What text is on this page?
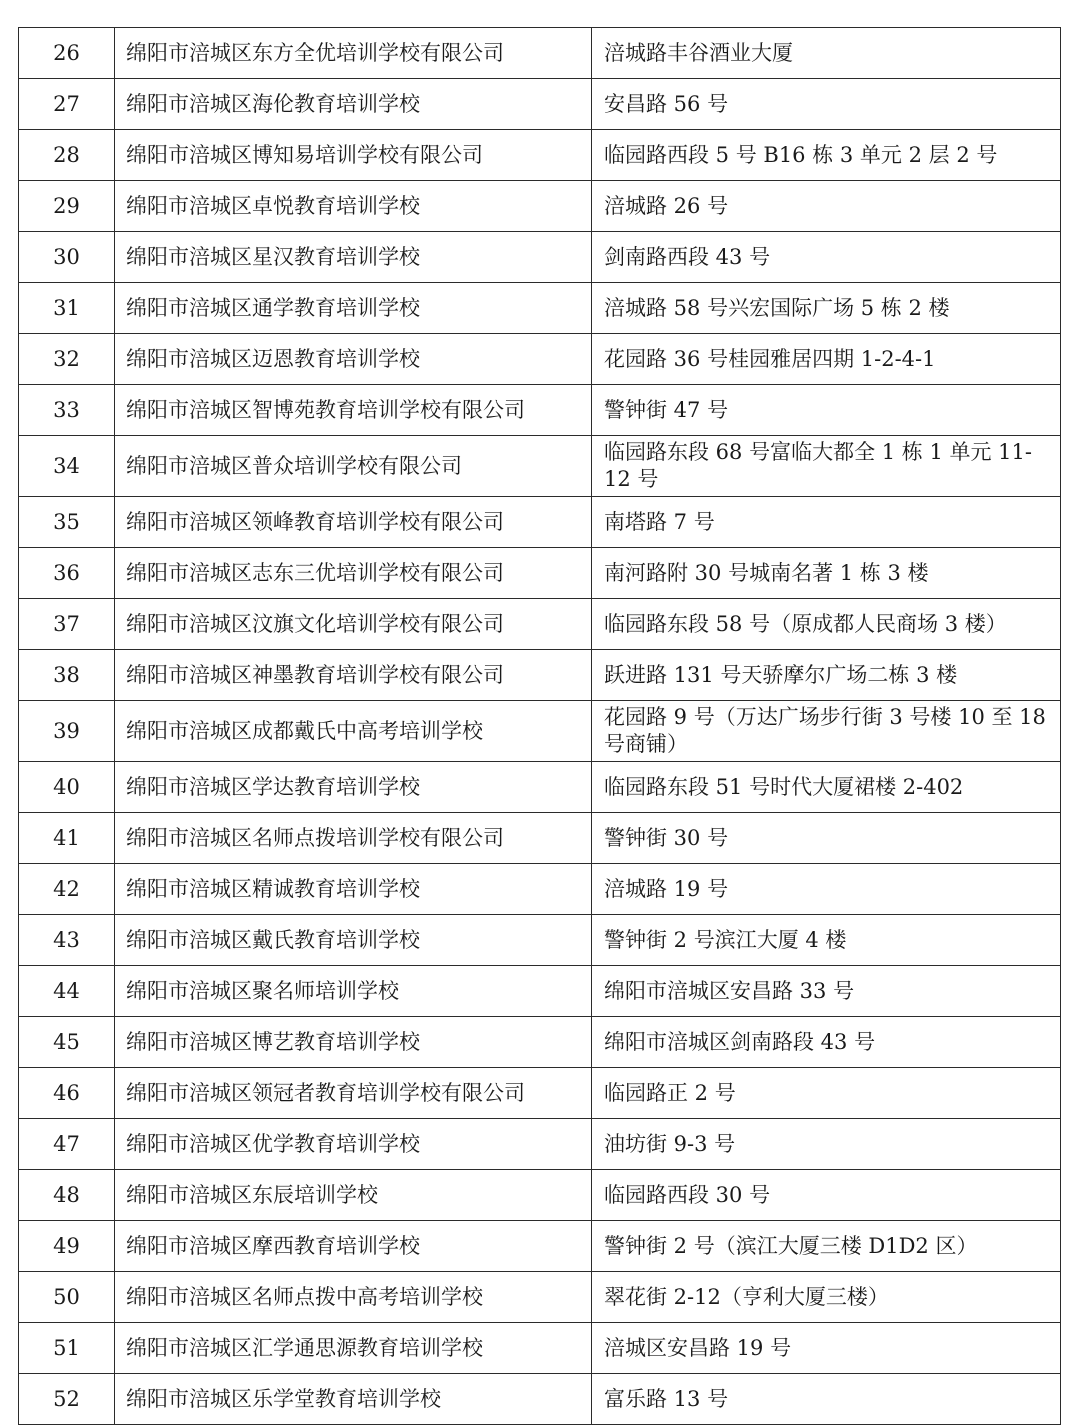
26	绵阳市涪城区东方全优培训学校有限公司	涪城路丰谷酒业大厦
27	绵阳市涪城区海伦教育培训学校	安昌路 56 号
28	绵阳市涪城区博知易培训学校有限公司	临园路西段 5 号 B16 栋 3 单元 2 层 2 号
29	绵阳市涪城区卓悦教育培训学校	涪城路 26 号
30	绵阳市涪城区星汉教育培训学校	剑南路西段 43 号
31	绵阳市涪城区通学教育培训学校	涪城路 58 号兴宏国际广场 5 栋 2 楼
32	绵阳市涪城区迈恩教育培训学校	花园路 36 号桂园雅居四期 1-2-4-1
33	绵阳市涪城区智博苑教育培训学校有限公司	警钟街 47 号
34	绵阳市涪城区普众培训学校有限公司	临园路东段 68 号富临大都全 1 栋 1 单元 11-12 号
35	绵阳市涪城区领峰教育培训学校有限公司	南塔路 7 号
36	绵阳市涪城区志东三优培训学校有限公司	南河路附 30 号城南名著 1 栋 3 楼
37	绵阳市涪城区汶旗文化培训学校有限公司	临园路东段 58 号（原成都人民商场 3 楼）
38	绵阳市涪城区神墨教育培训学校有限公司	跃进路 131 号天骄摩尔广场二栋 3 楼
39	绵阳市涪城区成都戴氏中高考培训学校	花园路 9 号（万达广场步行街 3 号楼 10 至 18 号商铺）
40	绵阳市涪城区学达教育培训学校	临园路东段 51 号时代大厦裙楼 2-402
41	绵阳市涪城区名师点拨培训学校有限公司	警钟街 30 号
42	绵阳市涪城区精诚教育培训学校	涪城路 19 号
43	绵阳市涪城区戴氏教育培训学校	警钟街 2 号滨江大厦 4 楼
44	绵阳市涪城区聚名师培训学校	绵阳市涪城区安昌路 33 号
45	绵阳市涪城区博艺教育培训学校	绵阳市涪城区剑南路段 43 号
46	绵阳市涪城区领冠者教育培训学校有限公司	临园路正 2 号
47	绵阳市涪城区优学教育培训学校	油坊街 9-3 号
48	绵阳市涪城区东辰培训学校	临园路西段 30 号
49	绵阳市涪城区摩西教育培训学校	警钟街 2 号（滨江大厦三楼 D1D2 区）
50	绵阳市涪城区名师点拨中高考培训学校	翠花街 2-12（亨利大厦三楼）
51	绵阳市涪城区汇学通思源教育培训学校	涪城区安昌路 19 号
52	绵阳市涪城区乐学堂教育培训学校	富乐路 13 号
